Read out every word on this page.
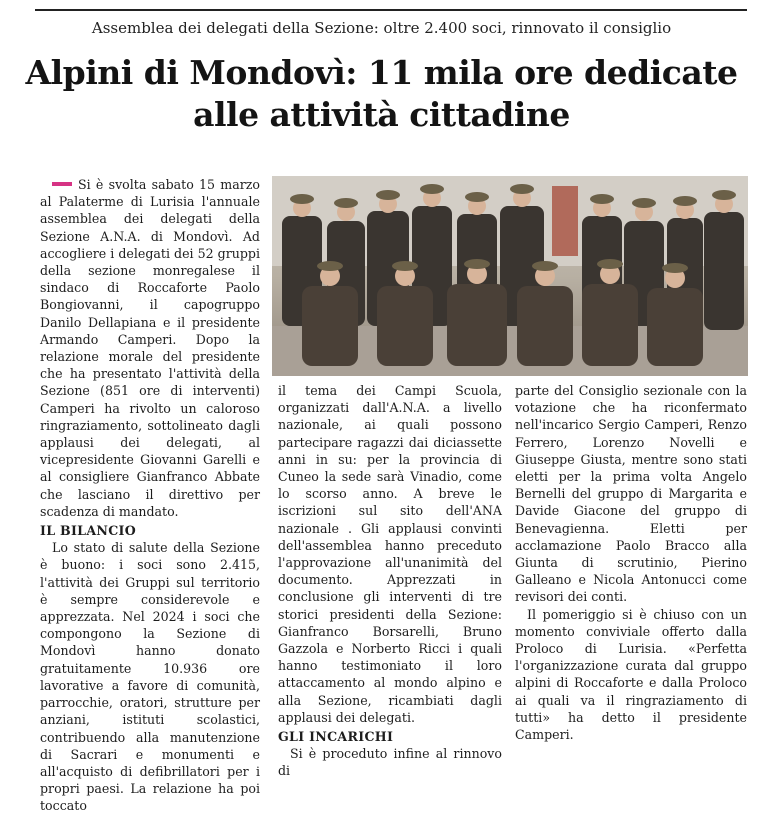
Assemblea dei delegati della Sezione: oltre 2.400 soci, rinnovato il consiglio
Alpini di Mondovì: 11 mila ore dedicate
alle attività cittadine

Si è svolta sabato 15 marzo al Palaterme di Lurisia l'annuale assemblea dei delegati della Sezione A.N.A. di Mondovì. Ad accogliere i delegati dei 52 gruppi della sezione monregalese il sindaco di Roccaforte Paolo Bongiovanni, il capogruppo Danilo Dellapiana e il presidente Armando Camperi. Dopo la relazione morale del presidente che ha presentato l'attività della Sezione (851 ore di interventi) Camperi ha rivolto un caloroso ringraziamento, sottolineato dagli applausi dei delegati, al vicepresidente Giovanni Garelli e al consigliere Gianfranco Abbate che lasciano il direttivo per scadenza di mandato.

IL BILANCIO

Lo stato di salute della Sezione è buono: i soci sono 2.415, l'attività dei Gruppi sul territorio è sempre considerevole e apprezzata. Nel 2024 i soci che compongono la Sezione di Mondovì hanno donato gratuitamente 10.936 ore lavorative a favore di comunità, parrocchie, oratori, strutture per anziani, istituti scolastici, contribuendo alla manutenzione di Sacrari e monumenti e all'acquisto di defibrillatori per i propri paesi. La relazione ha poi toccato

il tema dei Campi Scuola, organizzati dall'A.N.A. a livello nazionale, ai quali possono partecipare ragazzi dai diciassette anni in su: per la provincia di Cuneo la sede sarà Vinadio, come lo scorso anno. A breve le iscrizioni sul sito dell'ANA nazionale . Gli applausi convinti dell'assemblea hanno preceduto l'approvazione all'unanimità del documento. Apprezzati in conclusione gli interventi di tre storici presidenti della Sezione: Gianfranco Borsarelli, Bruno Gazzola e Norberto Ricci i quali hanno testimoniato il loro attaccamento al mondo alpino e alla Sezione, ricambiati dagli applausi dei delegati.

GLI INCARICHI

Si è proceduto infine al rinnovo di

parte del Consiglio sezionale con la votazione che ha riconfermato nell'incarico Sergio Camperi, Renzo Ferrero, Lorenzo Novelli e Giuseppe Giusta, mentre sono stati eletti per la prima volta Angelo Bernelli del gruppo di Margarita e Davide Giacone del gruppo di Benevagienna. Eletti per acclamazione Paolo Bracco alla Giunta di scrutinio, Pierino Galleano e Nicola Antonucci come revisori dei conti.

Il pomeriggio si è chiuso con un momento conviviale offerto dalla Proloco di Lurisia. «Perfetta l'organizzazione curata dal gruppo alpini di Roccaforte e dalla Proloco ai quali va il ringraziamento di tutti» ha detto il presidente Camperi.
